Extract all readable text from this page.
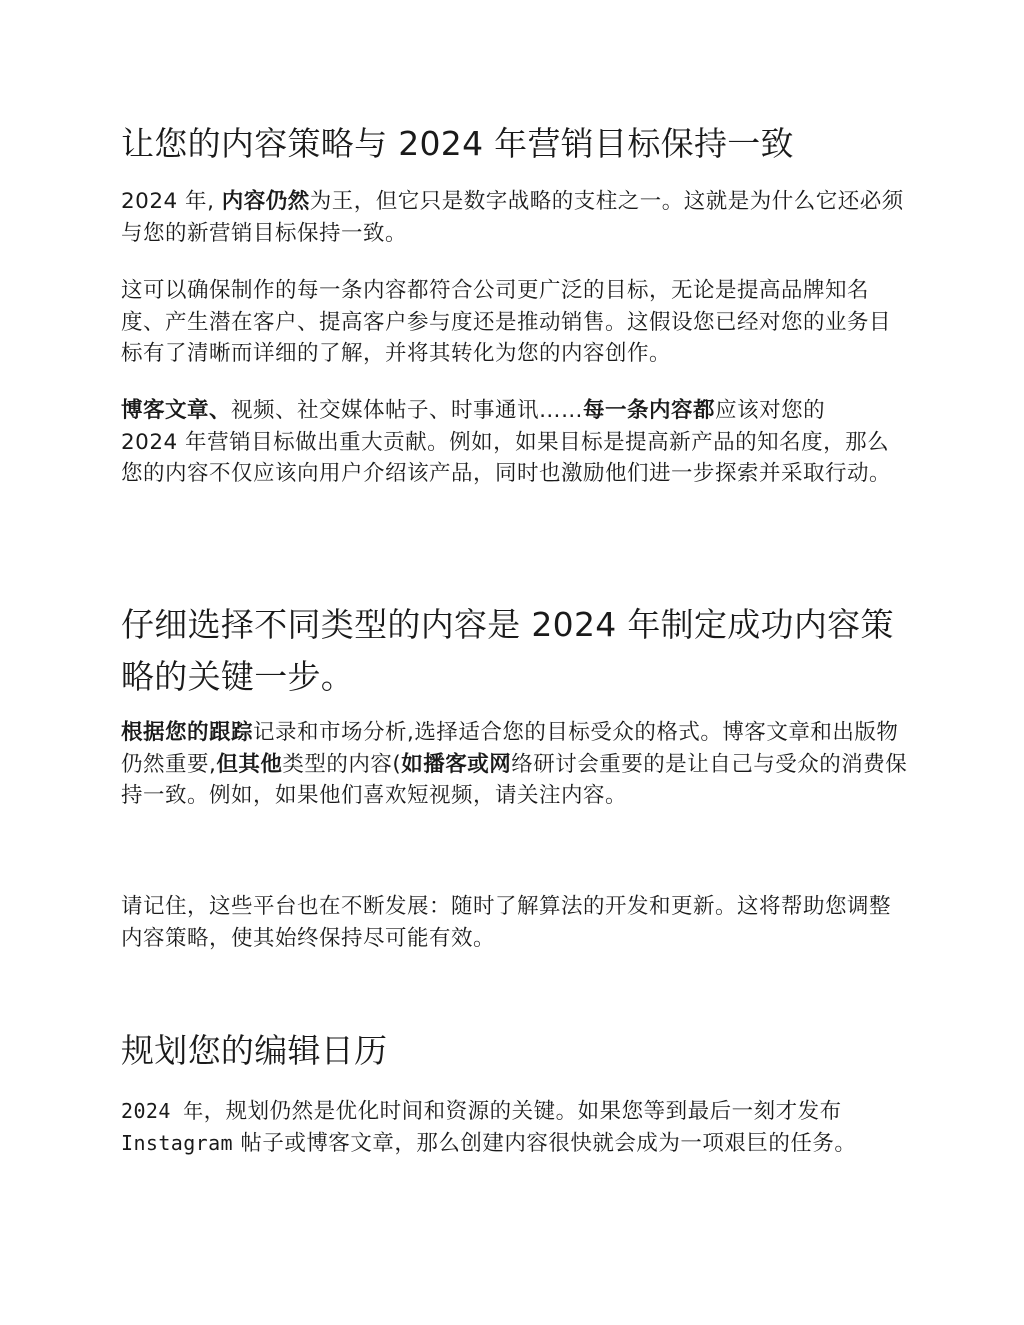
让您的内容策略与 2024 年营销目标保持一致

2024 年, 内容仍然为王，但它只是数字战略的支柱之一。这就是为什么它还必须与您的新营销目标保持一致。

这可以确保制作的每一条内容都符合公司更广泛的目标，无论是提高品牌知名度、产生潜在客户、提高客户参与度还是推动销售。这假设您已经对您的业务目标有了清晰而详细的了解，并将其转化为您的内容创作。

博客文章、视频、社交媒体帖子、时事通讯……每一条内容都应该对您的
2024 年营销目标做出重大贡献。例如，如果目标是提高新产品的知名度，那么您的内容不仅应该向用户介绍该产品，同时也激励他们进一步探索并采取行动。

仔细选择不同类型的内容是 2024 年制定成功内容策略的关键一步。

根据您的跟踪记录和市场分析,选择适合您的目标受众的格式。博客文章和出版物仍然重要,但其他类型的内容(如播客或网络研讨会重要的是让自己与受众的消费保持一致。例如，如果他们喜欢短视频，请关注内容。

请记住，这些平台也在不断发展：随时了解算法的开发和更新。这将帮助您调整内容策略，使其始终保持尽可能有效。

规划您的编辑日历

2024 年，规划仍然是优化时间和资源的关键。如果您等到最后一刻才发布
Instagram 帖子或博客文章，那么创建内容很快就会成为一项艰巨的任务。
